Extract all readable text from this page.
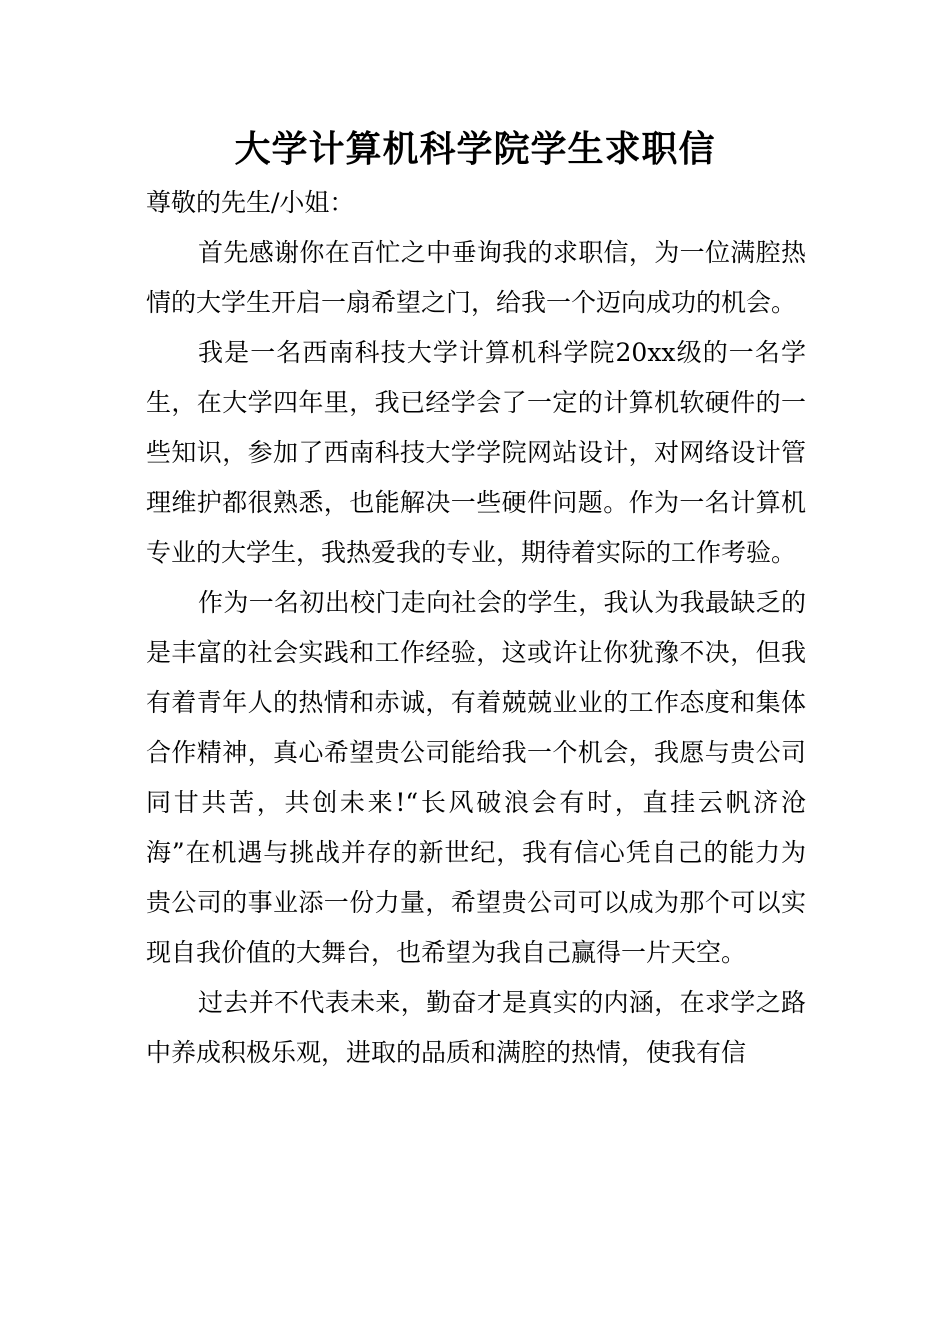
大学计算机科学院学生求职信

尊敬的先生/小姐：

首先感谢你在百忙之中垂询我的求职信，为一位满腔热情的大学生开启一扇希望之门，给我一个迈向成功的机会。

我是一名西南科技大学计算机科学院20xx级的一名学生，在大学四年里，我已经学会了一定的计算机软硬件的一些知识，参加了西南科技大学学院网站设计，对网络设计管理维护都很熟悉，也能解决一些硬件问题。作为一名计算机专业的大学生，我热爱我的专业，期待着实际的工作考验。

作为一名初出校门走向社会的学生，我认为我最缺乏的是丰富的社会实践和工作经验，这或许让你犹豫不决，但我有着青年人的热情和赤诚，有着兢兢业业的工作态度和集体合作精神，真心希望贵公司能给我一个机会，我愿与贵公司同甘共苦，共创未来!“长风破浪会有时，直挂云帆济沧海”在机遇与挑战并存的新世纪，我有信心凭自己的能力为贵公司的事业添一份力量，希望贵公司可以成为那个可以实现自我价值的大舞台，也希望为我自己赢得一片天空。

过去并不代表未来，勤奋才是真实的内涵，在求学之路中养成积极乐观，进取的品质和满腔的热情，使我有信
